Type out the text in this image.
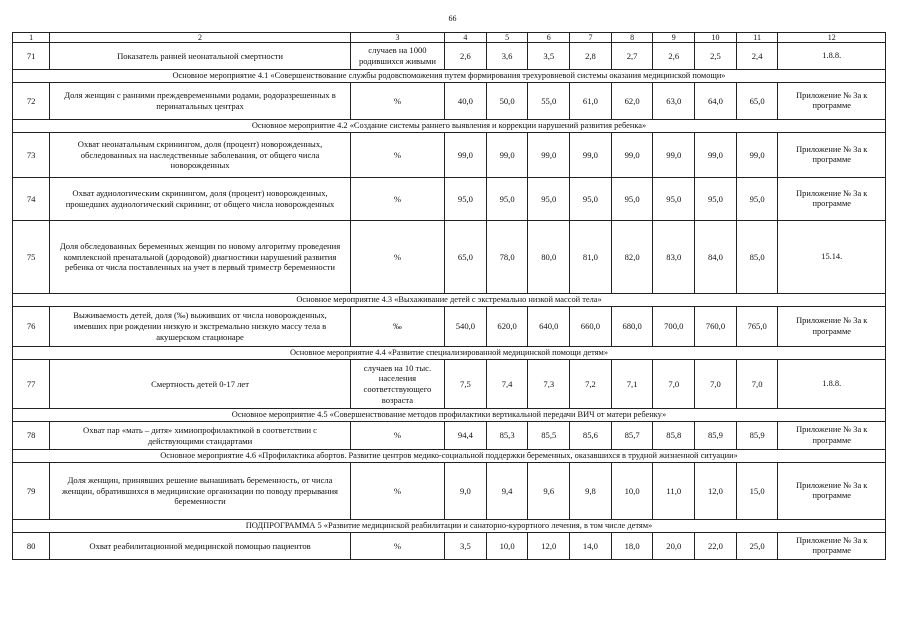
66
1	2	3	4	5	6	7	8	9	10	11	12
71	Показатель ранней неонатальной смертности	случаев на 1000 родившихся живыми	2,6	3,6	3,5	2,8	2,7	2,6	2,5	2,4	1.8.8.
Основное мероприятие 4.1 «Совершенствование службы родовспоможения путем формирования трехуровневой системы оказания медицинской помощи»											
72	Доля женщин с ранними преждевременными родами, родоразрешенных в перинатальных центрах	%	40,0	50,0	55,0	61,0	62,0	63,0	64,0	65,0	Приложение № 3а к программе
Основное мероприятие 4.2 «Создание системы раннего выявления и коррекции нарушений развития ребенка»											
73	Охват неонатальным скринингом, доля (процент) новорожденных, обследованных на наследственные заболевания, от общего числа новорожденных	%	99,0	99,0	99,0	99,0	99,0	99,0	99,0	99,0	Приложение № 3а к программе
74	Охват аудиологическим скринингом, доля (процент) новорожденных, прошедших аудиологический скрининг, от общего числа новорожденных	%	95,0	95,0	95,0	95,0	95,0	95,0	95,0	95,0	Приложение № 3а к программе
75	Доля обследованных беременных женщин по новому алгоритму проведения комплексной пренатальной (дородовой) диагностики нарушений развития ребенка от числа поставленных на учет в первый триместр беременности	%	65,0	78,0	80,0	81,0	82,0	83,0	84,0	85,0	15.14.
Основное мероприятие 4.3 «Выхаживание детей с экстремально низкой массой тела»											
76	Выживаемость детей, доля (‰) выживших от числа новорожденных, имевших при рождении низкую и экстремально низкую массу тела в акушерском стационаре	‰	540,0	620,0	640,0	660,0	680,0	700,0	760,0	765,0	Приложение № 3а к программе
Основное мероприятие 4.4 «Развитие специализированной медицинской помощи детям»											
77	Смертность детей 0-17 лет	случаев на 10 тыс. населения соответствующего возраста	7,5	7,4	7,3	7,2	7,1	7,0	7,0	7,0	1.8.8.
Основное мероприятие 4.5 «Совершенствование методов профилактики вертикальной передачи ВИЧ от матери ребенку»											
78	Охват пар «мать – дитя» химиопрофилактикой в соответствии с действующими стандартами	%	94,4	85,3	85,5	85,6	85,7	85,8	85,9	85,9	Приложение № 3а к программе
Основное мероприятие 4.6 «Профилактика абортов. Развитие центров медико-социальной поддержки беременных, оказавшихся в трудной жизненной ситуации»											
79	Доля женщин, принявших решение вынашивать беременность, от числа женщин, обратившихся в медицинские организации по поводу прерывания беременности	%	9,0	9,4	9,6	9,8	10,0	11,0	12,0	15,0	Приложение № 3а к программе
ПОДПРОГРАММА 5 «Развитие медицинской реабилитации и санаторно-курортного лечения, в том числе детям»											
80	Охват реабилитационной медицинской помощью пациентов	%	3,5	10,0	12,0	14,0	18,0	20,0	22,0	25,0	Приложение № 3а к программе
